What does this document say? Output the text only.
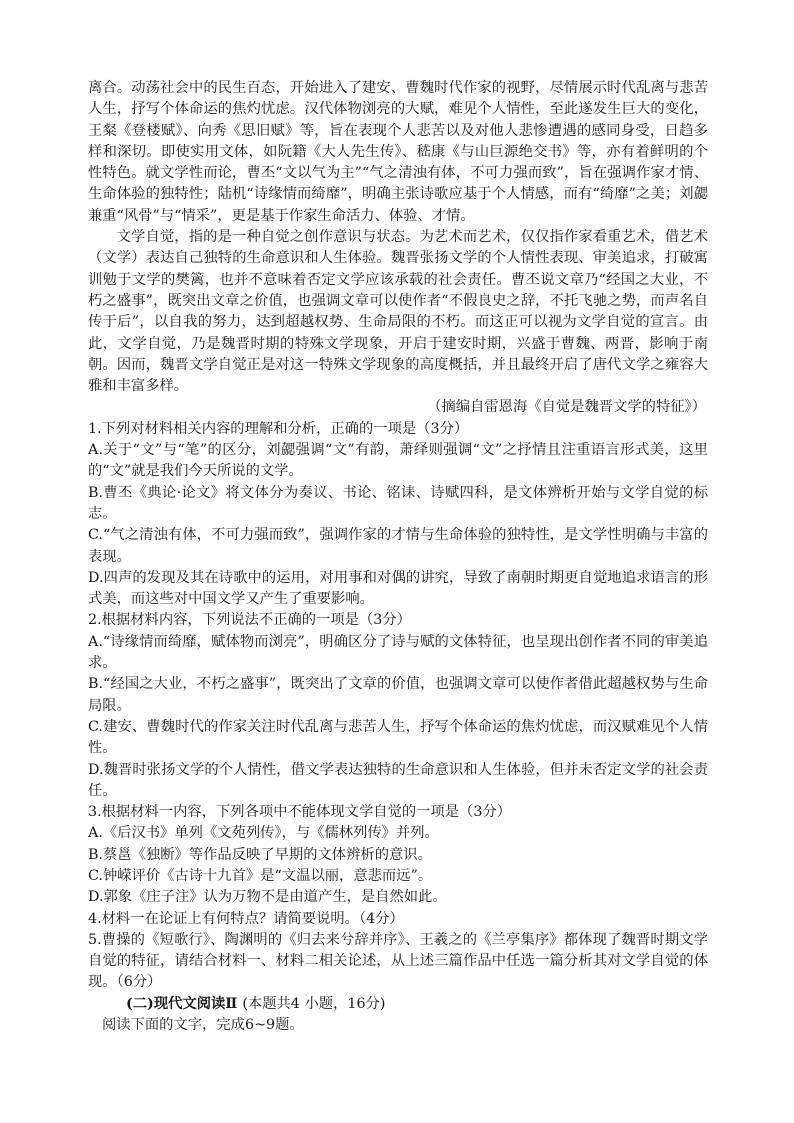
离合。动荡社会中的民生百态，开始进入了建安、曹魏时代作家的视野，尽情展示时代乱离与悲苦人生，抒写个体命运的焦灼忧虑。汉代体物浏亮的大赋，难见个人情性，至此遂发生巨大的变化，王粲《登楼赋》、向秀《思旧赋》等，旨在表现个人悲苦以及对他人悲惨遭遇的感同身受，日趋多样和深切。即使实用文体，如阮籍《大人先生传》、嵇康《与山巨源绝交书》等，亦有着鲜明的个性特色。就文学性而论，曹丕“文以气为主”“气之清浊有体，不可力强而致”，旨在强调作家才情、生命体验的独特性；陆机“诗缘情而绮靡”，明确主张诗歌应基于个人情感，而有“绮靡”之美；刘勰兼重“风骨”与“情采”，更是基于作家生命活力、体验、才情。

文学自觉，指的是一种自觉之创作意识与状态。为艺术而艺术，仅仅指作家看重艺术，借艺术（文学）表达自己独特的生命意识和人生体验。魏晋张扬文学的个人情性表现、审美追求，打破寓训勉于文学的樊篱，也并不意味着否定文学应该承载的社会责任。曹丕说文章乃“经国之大业，不朽之盛事”，既突出文章之价值，也强调文章可以使作者“不假良史之辞，不托飞驰之势，而声名自传于后”，以自我的努力，达到超越权势、生命局限的不朽。而这正可以视为文学自觉的宣言。由此，文学自觉，乃是魏晋时期的特殊文学现象，开启于建安时期，兴盛于曹魏、两晋，影响于南朝。因而，魏晋文学自觉正是对这一特殊文学现象的高度概括，并且最终开启了唐代文学之雍容大雅和丰富多样。

（摘编自雷恩海《自觉是魏晋文学的特征》）

1.下列对材料相关内容的理解和分析，正确的一项是（3分）

A.关于“文”与“笔”的区分，刘勰强调“文”有韵，萧绎则强调“文”之抒情且注重语言形式美，这里的“文”就是我们今天所说的文学。

B.曹丕《典论·论文》将文体分为奏议、书论、铭诔、诗赋四科，是文体辨析开始与文学自觉的标志。

C.“气之清浊有体，不可力强而致”，强调作家的才情与生命体验的独特性，是文学性明确与丰富的表现。

D.四声的发现及其在诗歌中的运用，对用事和对偶的讲究，导致了南朝时期更自觉地追求语言的形式美，而这些对中国文学又产生了重要影响。

2.根据材料内容，下列说法不正确的一项是（3分）

A.“诗缘情而绮靡，赋体物而浏亮”，明确区分了诗与赋的文体特征，也呈现出创作者不同的审美追求。

B.“经国之大业，不朽之盛事”，既突出了文章的价值，也强调文章可以使作者借此超越权势与生命局限。

C.建安、曹魏时代的作家关注时代乱离与悲苦人生，抒写个体命运的焦灼忧虑，而汉赋难见个人情性。

D.魏晋时张扬文学的个人情性，借文学表达独特的生命意识和人生体验，但并未否定文学的社会责任。

3.根据材料一内容，下列各项中不能体现文学自觉的一项是（3分）

A.《后汉书》单列《文苑列传》，与《儒林列传》并列。

B.蔡邕《独断》等作品反映了早期的文体辨析的意识。

C.钟嵘评价《古诗十九首》是“文温以丽，意悲而远”。

D.郭象《庄子注》认为万物不是由道产生，是自然如此。

4.材料一在论证上有何特点？请简要说明。（4分）

5.曹操的《短歌行》、陶渊明的《归去来兮辞并序》、王羲之的《兰亭集序》都体现了魏晋时期文学自觉的特征，请结合材料一、材料二相关论述，从上述三篇作品中任选一篇分析其对文学自觉的体现。（6分）

(二)现代文阅读Ⅱ (本题共4 小题，16分)

阅读下面的文字，完成6~9题。
